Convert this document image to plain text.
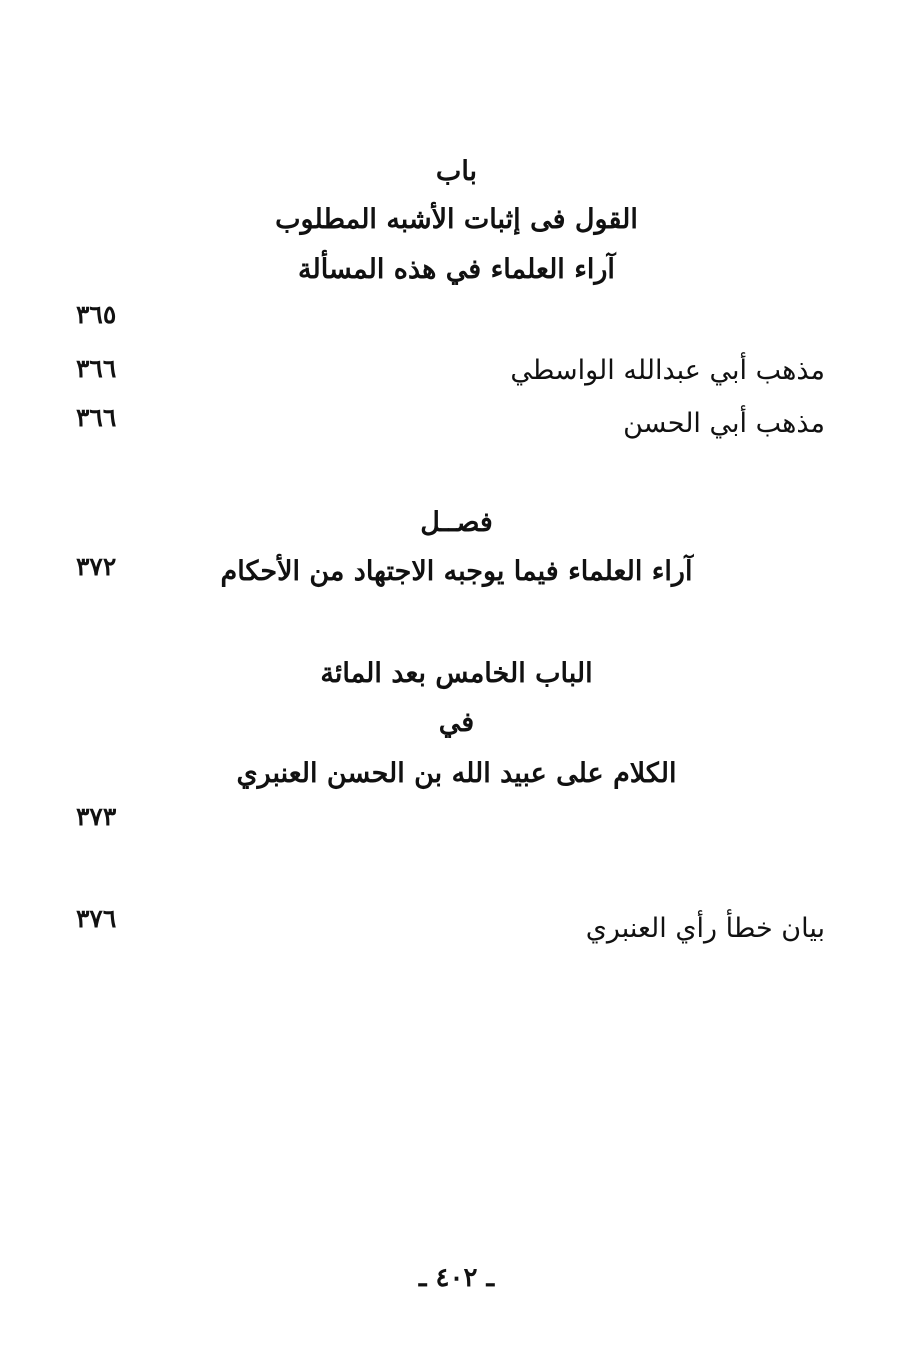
باب
القول فى إثبات الأشبه المطلوب
آراء العلماء في هذه المسألة
٣٦٥
مذهب أبي عبدالله الواسطي
٣٦٦
مذهب أبي الحسن
٣٦٦
فصــل
آراء العلماء فيما يوجبه الاجتهاد من الأحكام
٣٧٢
الباب الخامس بعد المائة
في
الكلام على عبيد الله بن الحسن العنبري
٣٧٣
بيان خطأ رأي العنبري
٣٧٦
ـ ٤٠٢ ـ
